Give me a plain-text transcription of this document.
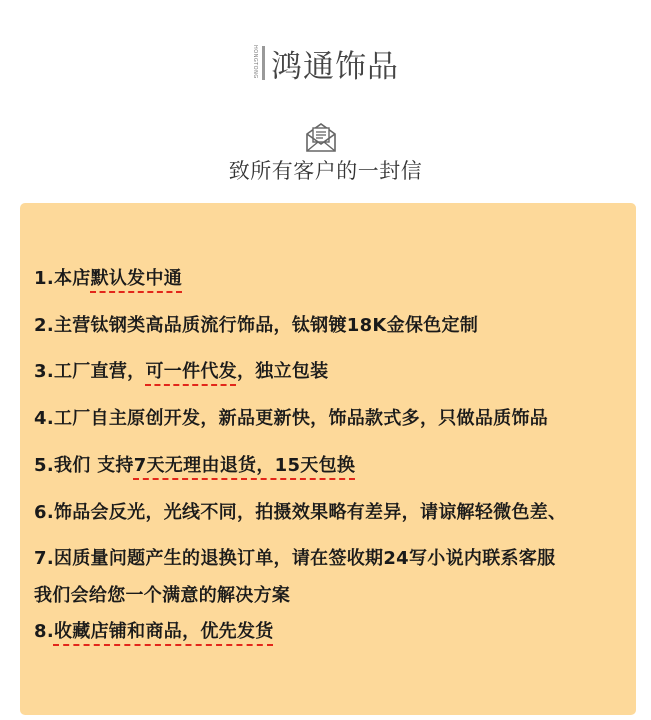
HONGTONG 鸿通饰品
致所有客户的一封信
1.本店默认发中通
2.主营钛钢类高品质流行饰品，钛钢镀18K金保色定制
3.工厂直营，可一件代发，独立包装
4.工厂自主原创开发，新品更新快，饰品款式多，只做品质饰品
5.我们 支持7天无理由退货，15天包换
6.饰品会反光，光线不同，拍摄效果略有差异，请谅解轻微色差、
7.因质量问题产生的退换订单，请在签收期24写小说内联系客服
我们会给您一个满意的解决方案
8.收藏店铺和商品，优先发货
